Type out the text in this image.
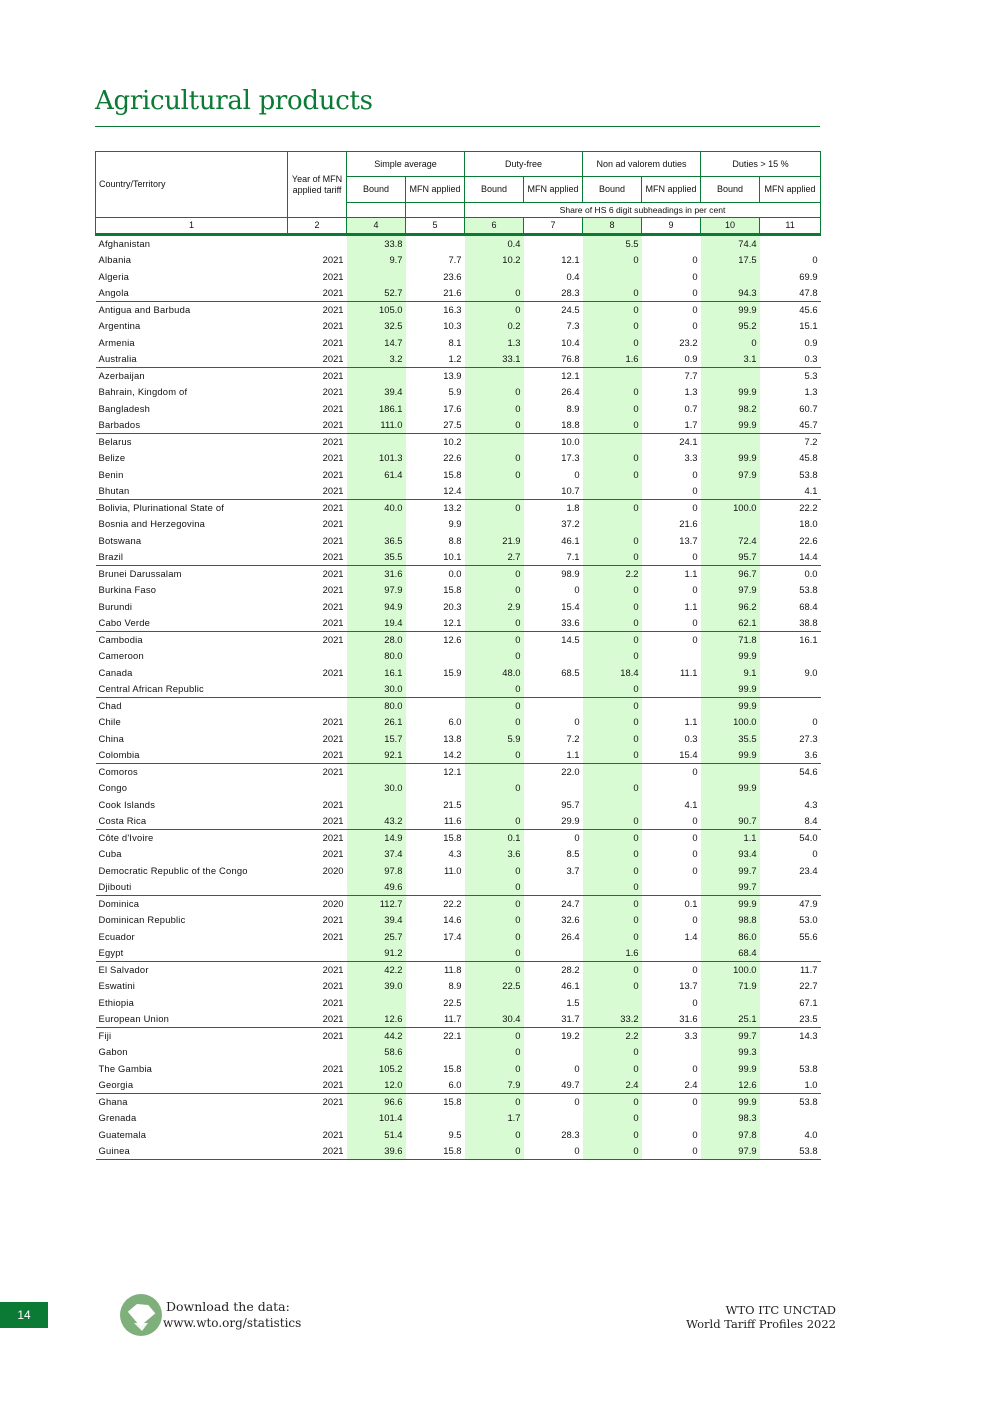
Agricultural products
Country/Territory	Year of MFN applied tariff	Simple average		Duty-free		Non ad valorem duties		Duties > 15 %	
		Bound	MFN applied	Bound	MFN applied	Bound	MFN applied	Bound	MFN applied
				Share of HS 6 digit subheadings in per cent					
1	2	4	5	6	7	8	9	10	11
Afghanistan		33.8		0.4		5.5		74.4	
Albania	2021	9.7	7.7	10.2	12.1	0	0	17.5	0
Algeria	2021		23.6		0.4		0		69.9
Angola	2021	52.7	21.6	0	28.3	0	0	94.3	47.8
Antigua and Barbuda	2021	105.0	16.3	0	24.5	0	0	99.9	45.6
Argentina	2021	32.5	10.3	0.2	7.3	0	0	95.2	15.1
Armenia	2021	14.7	8.1	1.3	10.4	0	23.2	0	0.9
Australia	2021	3.2	1.2	33.1	76.8	1.6	0.9	3.1	0.3
Azerbaijan	2021		13.9		12.1		7.7		5.3
Bahrain, Kingdom of	2021	39.4	5.9	0	26.4	0	1.3	99.9	1.3
Bangladesh	2021	186.1	17.6	0	8.9	0	0.7	98.2	60.7
Barbados	2021	111.0	27.5	0	18.8	0	1.7	99.9	45.7
Belarus	2021		10.2		10.0		24.1		7.2
Belize	2021	101.3	22.6	0	17.3	0	3.3	99.9	45.8
Benin	2021	61.4	15.8	0	0	0	0	97.9	53.8
Bhutan	2021		12.4		10.7		0		4.1
Bolivia, Plurinational State of	2021	40.0	13.2	0	1.8	0	0	100.0	22.2
Bosnia and Herzegovina	2021		9.9		37.2		21.6		18.0
Botswana	2021	36.5	8.8	21.9	46.1	0	13.7	72.4	22.6
Brazil	2021	35.5	10.1	2.7	7.1	0	0	95.7	14.4
Brunei Darussalam	2021	31.6	0.0	0	98.9	2.2	1.1	96.7	0.0
Burkina Faso	2021	97.9	15.8	0	0	0	0	97.9	53.8
Burundi	2021	94.9	20.3	2.9	15.4	0	1.1	96.2	68.4
Cabo Verde	2021	19.4	12.1	0	33.6	0	0	62.1	38.8
Cambodia	2021	28.0	12.6	0	14.5	0	0	71.8	16.1
Cameroon		80.0		0		0		99.9	
Canada	2021	16.1	15.9	48.0	68.5	18.4	11.1	9.1	9.0
Central African Republic		30.0		0		0		99.9	
Chad		80.0		0		0		99.9	
Chile	2021	26.1	6.0	0	0	0	1.1	100.0	0
China	2021	15.7	13.8	5.9	7.2	0	0.3	35.5	27.3
Colombia	2021	92.1	14.2	0	1.1	0	15.4	99.9	3.6
Comoros	2021		12.1		22.0		0		54.6
Congo		30.0		0		0		99.9	
Cook Islands	2021		21.5		95.7		4.1		4.3
Costa Rica	2021	43.2	11.6	0	29.9	0	0	90.7	8.4
Côte d'Ivoire	2021	14.9	15.8	0.1	0	0	0	1.1	54.0
Cuba	2021	37.4	4.3	3.6	8.5	0	0	93.4	0
Democratic Republic of the Congo	2020	97.8	11.0	0	3.7	0	0	99.7	23.4
Djibouti		49.6		0		0		99.7	
Dominica	2020	112.7	22.2	0	24.7	0	0.1	99.9	47.9
Dominican Republic	2021	39.4	14.6	0	32.6	0	0	98.8	53.0
Ecuador	2021	25.7	17.4	0	26.4	0	1.4	86.0	55.6
Egypt		91.2		0		1.6		68.4	
El Salvador	2021	42.2	11.8	0	28.2	0	0	100.0	11.7
Eswatini	2021	39.0	8.9	22.5	46.1	0	13.7	71.9	22.7
Ethiopia	2021		22.5		1.5		0		67.1
European Union	2021	12.6	11.7	30.4	31.7	33.2	31.6	25.1	23.5
Fiji	2021	44.2	22.1	0	19.2	2.2	3.3	99.7	14.3
Gabon		58.6		0		0		99.3	
The Gambia	2021	105.2	15.8	0	0	0	0	99.9	53.8
Georgia	2021	12.0	6.0	7.9	49.7	2.4	2.4	12.6	1.0
Ghana	2021	96.6	15.8	0	0	0	0	99.9	53.8
Grenada		101.4		1.7		0		98.3	
Guatemala	2021	51.4	9.5	0	28.3	0	0	97.8	4.0
Guinea	2021	39.6	15.8	0	0	0	0	97.9	53.8
14
Download the data:
www.wto.org/statistics
WTO ITC UNCTAD
World Tariff Profiles 2022
